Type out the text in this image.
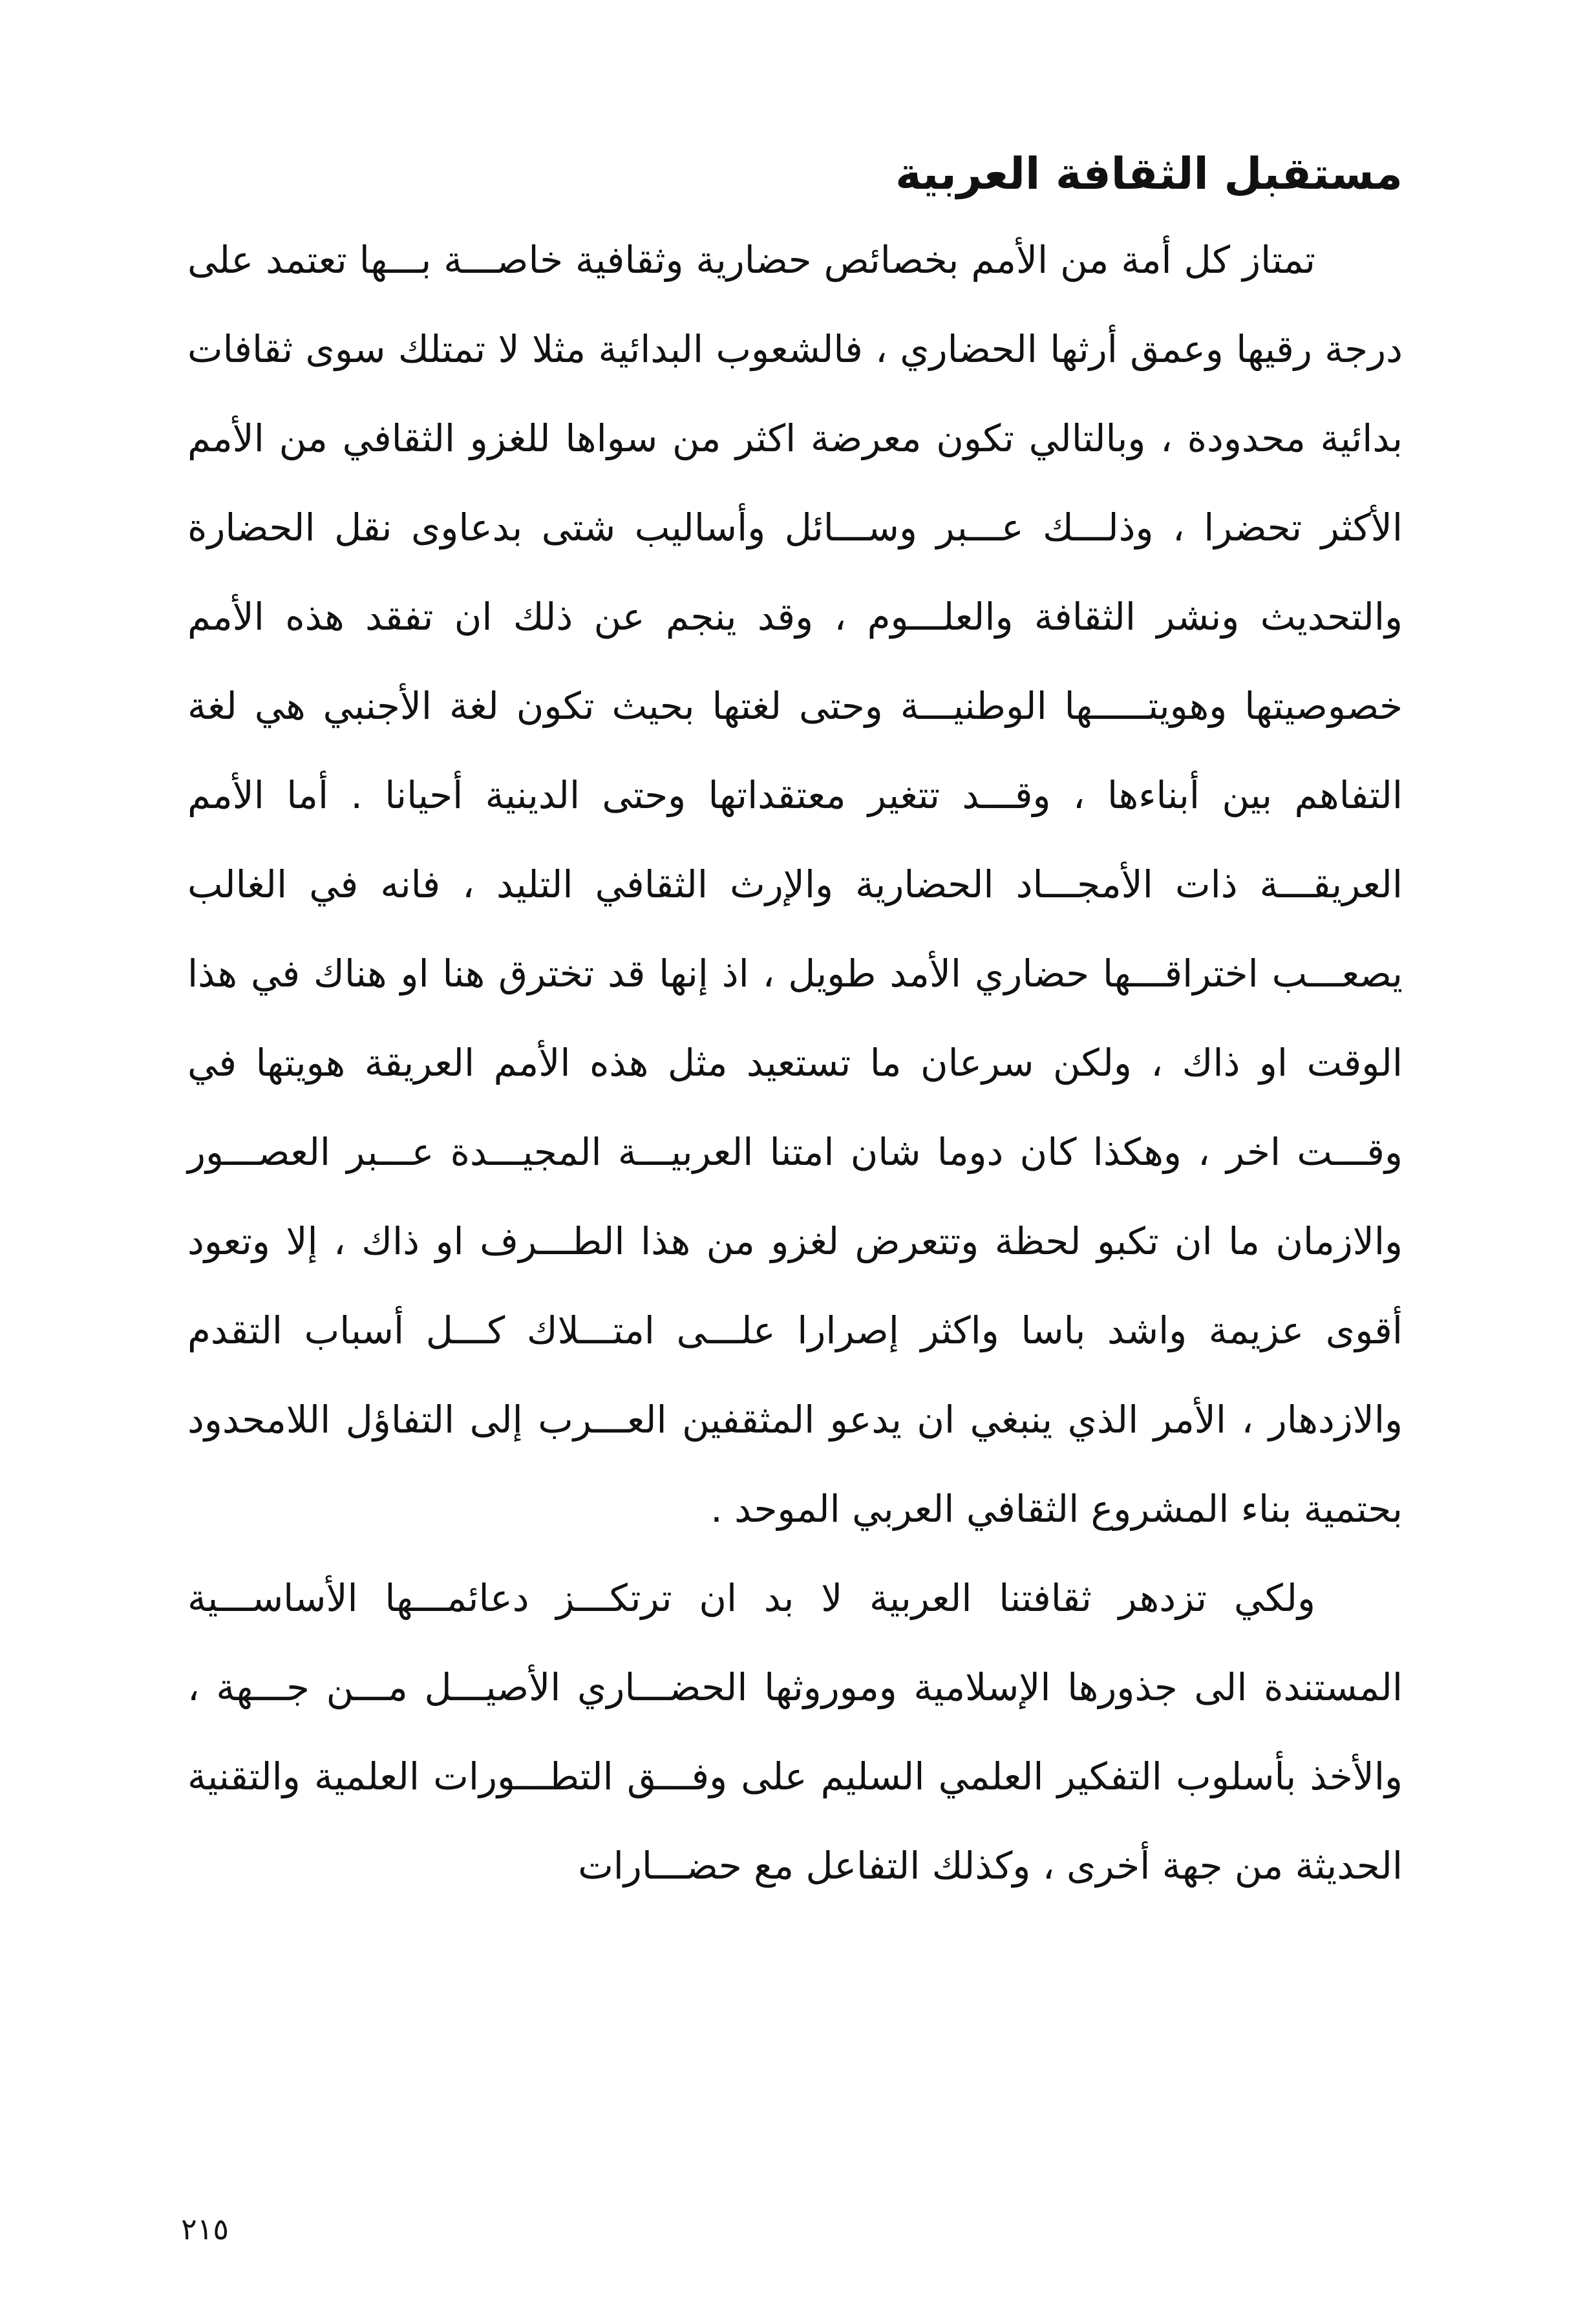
مستقبل الثقافة العربية

تمتاز كل أمة من الأمم بخصائص حضارية وثقافية خاصـــة بـــها تعتمد على درجة رقيها وعمق أرثها الحضاري ، فالشعوب البدائية مثلا لا تمتلك سوى ثقافات بدائية محدودة ، وبالتالي تكون معرضة اكثر من سواها للغزو الثقافي من الأمم الأكثر تحضرا ، وذلـــك عـــبر وســـائل وأساليب شتى بدعاوى نقل الحضارة والتحديث ونشر الثقافة والعلـــوم ، وقد ينجم عن ذلك ان تفقد هذه الأمم خصوصيتها وهويتـــــها الوطنيـــة وحتى لغتها بحيث تكون لغة الأجنبي هي لغة التفاهم بين أبناءها ، وقـــد تتغير معتقداتها وحتى الدينية أحيانا . أما الأمم العريقـــة ذات الأمجـــاد الحضارية والإرث الثقافي التليد ، فانه في الغالب يصعـــب اختراقـــها حضاري الأمد طويل ، اذ إنها قد تخترق هنا او هناك في هذا الوقت او ذاك ، ولكن سرعان ما تستعيد مثل هذه الأمم العريقة هويتها في وقـــت اخر ، وهكذا كان دوما شان امتنا العربيـــة المجيـــدة عـــبر العصـــور والازمان ما ان تكبو لحظة وتتعرض لغزو من هذا الطـــرف او ذاك ، إلا وتعود أقوى عزيمة واشد باسا واكثر إصرارا علـــى امتـــلاك كـــل أسباب التقدم والازدهار ، الأمر الذي ينبغي ان يدعو المثقفين العـــرب إلى التفاؤل اللامحدود بحتمية بناء المشروع الثقافي العربي الموحد .

ولكي تزدهر ثقافتنا العربية لا بد ان ترتكـــز دعائمـــها الأساســـية المستندة الى جذورها الإسلامية وموروثها الحضـــاري الأصيـــل مـــن جـــهة ، والأخذ بأسلوب التفكير العلمي السليم على وفـــق التطـــورات العلمية والتقنية الحديثة من جهة أخرى ، وكذلك التفاعل مع حضـــارات

٢١٥
